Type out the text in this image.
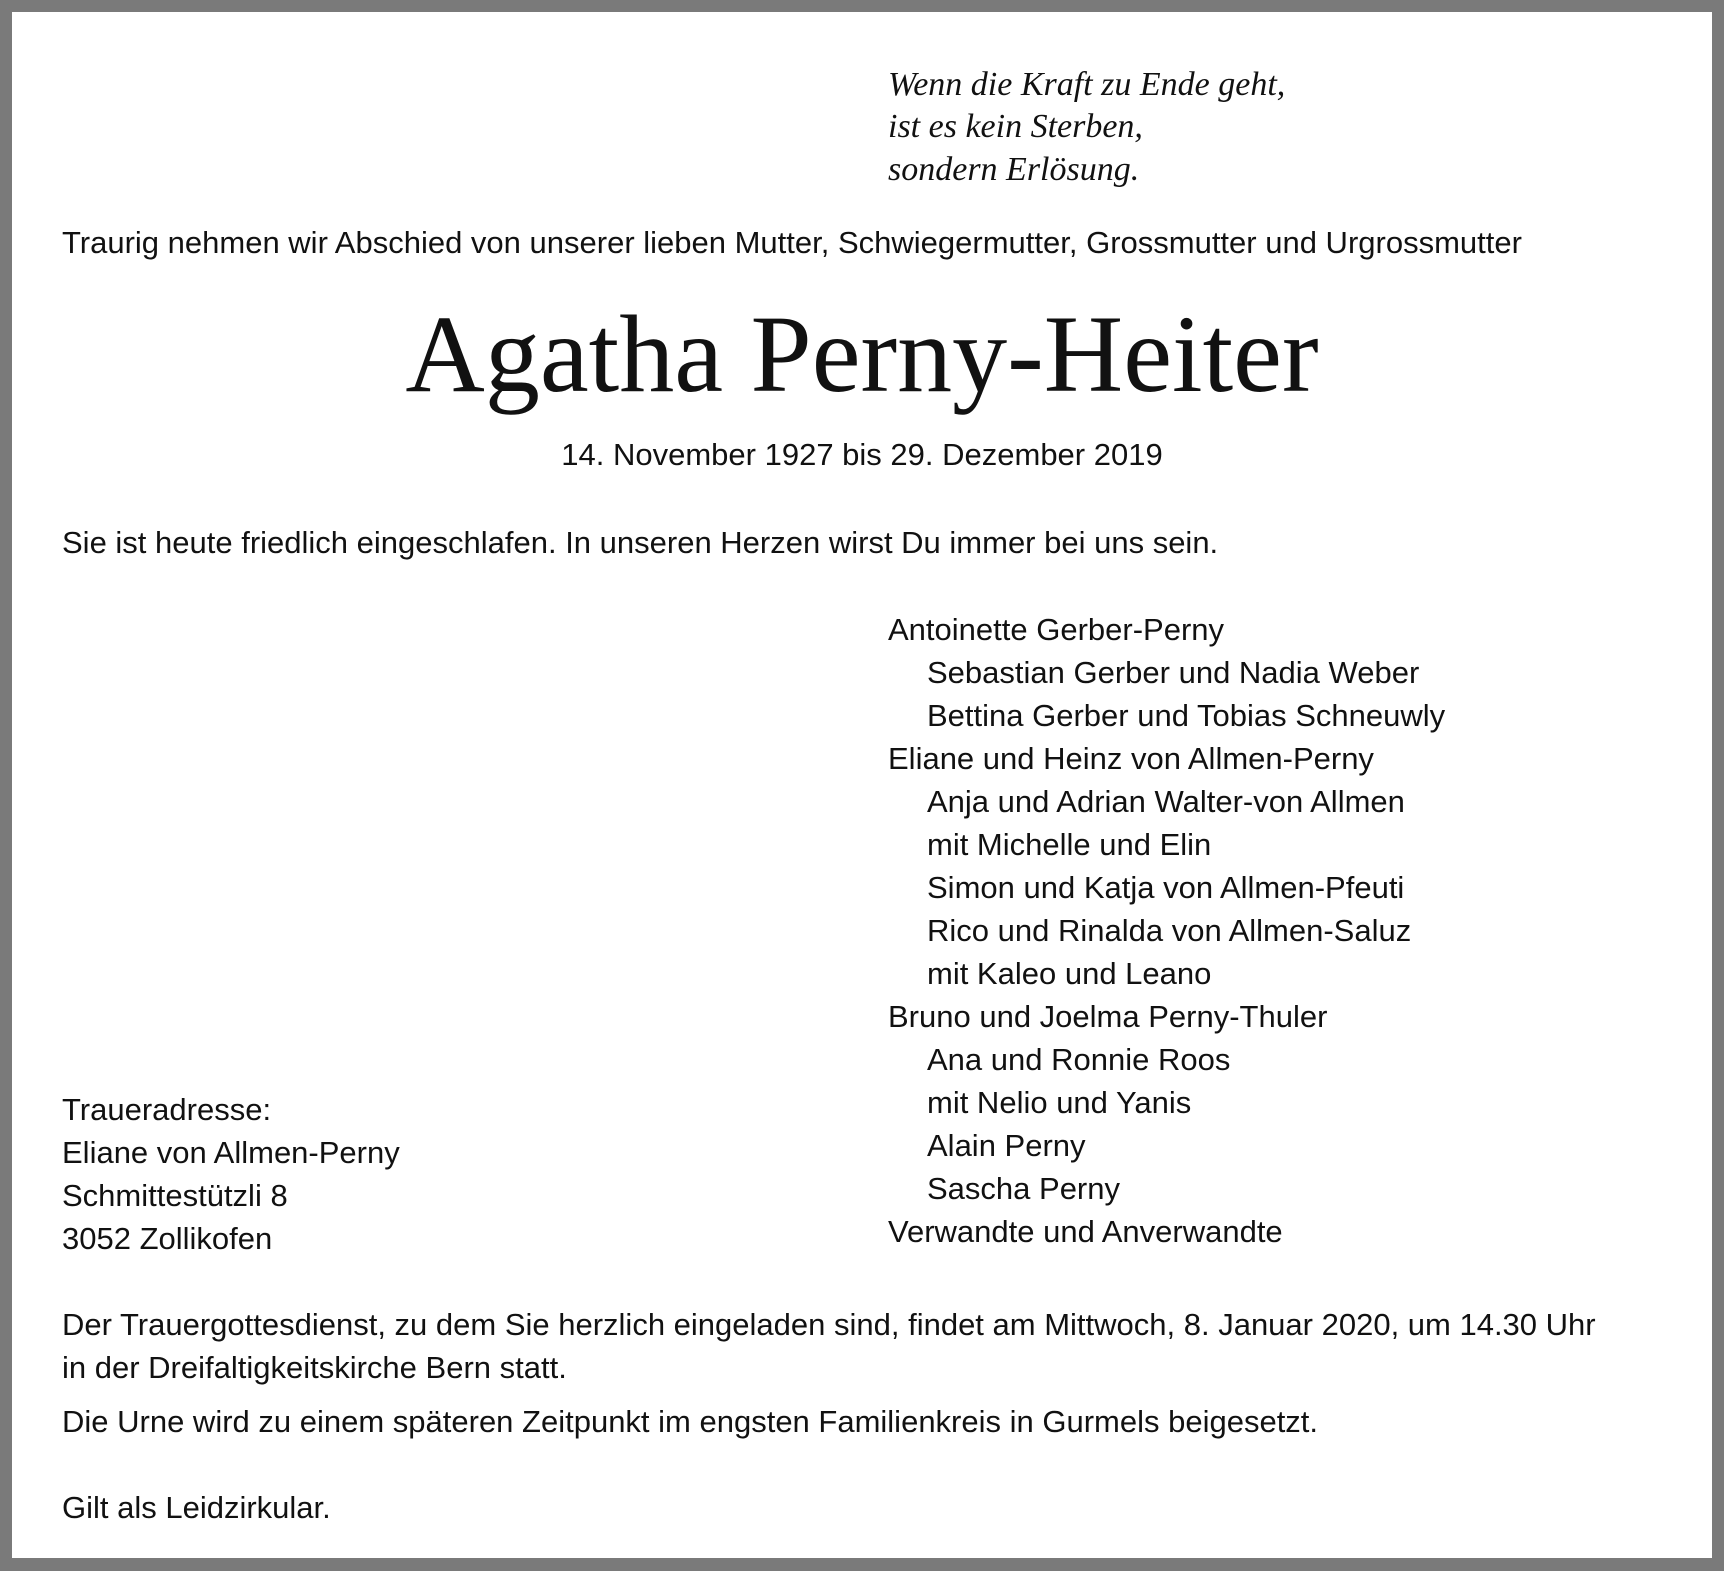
Wenn die Kraft zu Ende geht,
ist es kein Sterben,
sondern Erlösung.
Traurig nehmen wir Abschied von unserer lieben Mutter, Schwiegermutter, Grossmutter und Urgrossmutter
Agatha Perny-Heiter
14. November 1927 bis 29. Dezember 2019
Sie ist heute friedlich eingeschlafen. In unseren Herzen wirst Du immer bei uns sein.
Antoinette Gerber-Perny
Sebastian Gerber und Nadia Weber
Bettina Gerber und Tobias Schneuwly
Eliane und Heinz von Allmen-Perny
Anja und Adrian Walter-von Allmen
mit Michelle und Elin
Simon und Katja von Allmen-Pfeuti
Rico und Rinalda von Allmen-Saluz
mit Kaleo und Leano
Bruno und Joelma Perny-Thuler
Ana und Ronnie Roos
mit Nelio und Yanis
Alain Perny
Sascha Perny
Verwandte und Anverwandte
Traueradresse:
Eliane von Allmen-Perny
Schmittestützli 8
3052 Zollikofen
Der Trauergottesdienst, zu dem Sie herzlich eingeladen sind, findet am Mittwoch, 8. Januar 2020, um 14.30 Uhr
in der Dreifaltigkeitskirche Bern statt.
Die Urne wird zu einem späteren Zeitpunkt im engsten Familienkreis in Gurmels beigesetzt.
Gilt als Leidzirkular.
